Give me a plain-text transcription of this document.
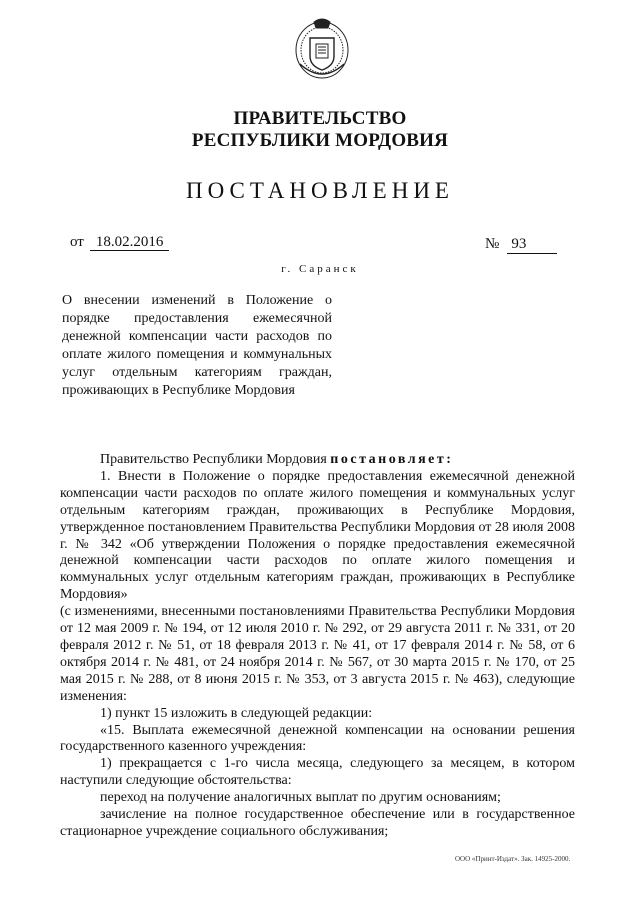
ПРАВИТЕЛЬСТВО
РЕСПУБЛИКИ МОРДОВИЯ
ПОСТАНОВЛЕНИЕ
от 18.02.2016	№ 93
г. Саранск
О внесении изменений в Положение о порядке предоставления ежемесячной денежной компенсации части расходов по оплате жилого помещения и коммунальных услуг отдельным категориям граждан, проживающих в Республике Мордовия

Правительство Республики Мордовия постановляет:

1. Внести в Положение о порядке предоставления ежемесячной денежной компенсации части расходов по оплате жилого помещения и коммунальных услуг отдельным категориям граждан, проживающих в Республике Мордовия, утвержденное постановлением Правительства Республики Мордовия от 28 июля 2008 г. № 342 «Об утверждении Положения о порядке предоставления ежемесячной денежной компенсации части расходов по оплате жилого помещения и коммунальных услуг отдельным категориям граждан, проживающих в Республике Мордовия»

(с изменениями, внесенными постановлениями Правительства Республики Мордовия от 12 мая 2009 г. № 194, от 12 июля 2010 г. № 292, от 29 августа 2011 г. № 331, от 20 февраля 2012 г. № 51, от 18 февраля 2013 г. № 41, от 17 февраля 2014 г. № 58, от 6 октября 2014 г. № 481, от 24 ноября 2014 г. № 567, от 30 марта 2015 г. № 170, от 25 мая 2015 г. № 288, от 8 июня 2015 г. № 353, от 3 августа 2015 г. № 463), следующие изменения:

1) пункт 15 изложить в следующей редакции:

«15. Выплата ежемесячной денежной компенсации на основании решения государственного казенного учреждения:

1) прекращается с 1-го числа месяца, следующего за месяцем, в котором наступили следующие обстоятельства:

переход на получение аналогичных выплат по другим основаниям;

зачисление на полное государственное обеспечение или в государственное стационарное учреждение социального обслуживания;

ООО «Принт-Издат». Зак. 14925-2000.
